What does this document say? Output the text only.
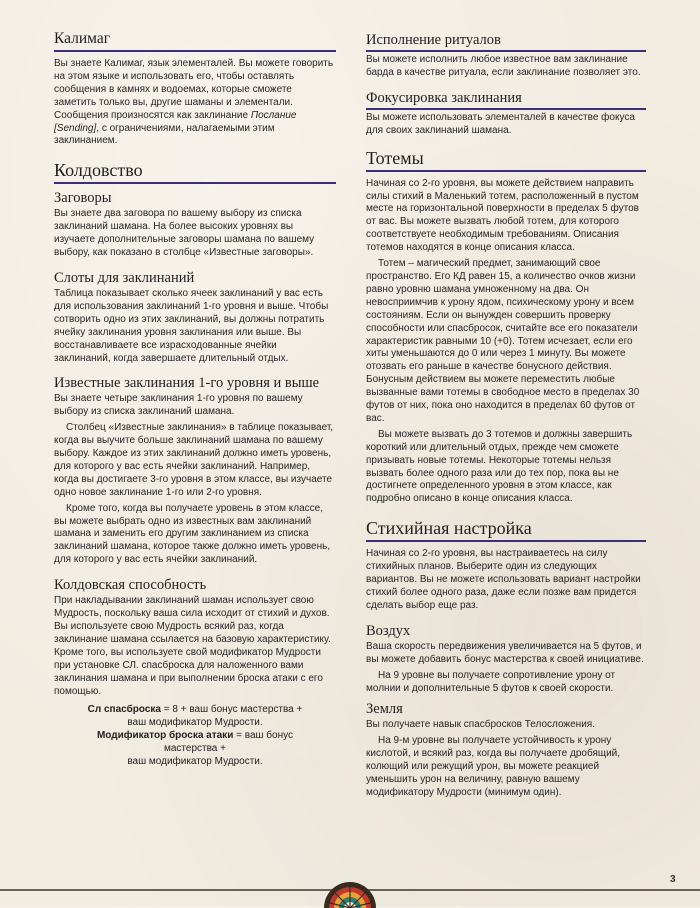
Калимаг

Вы знаете Калимаг, язык элементалей. Вы можете говорить на этом языке и использовать его, чтобы оставлять сообщения в камнях и водоемах, которые сможете заметить только вы, другие шаманы и элементали. Сообщения произносятся как заклинание Послание [Sending], с ограничениями, налагаемыми этим заклинанием.

Колдовство
Заговоры

Вы знаете два заговора по вашему выбору из списка заклинаний шамана. На более высоких уровнях вы изучаете дополнительные заговоры шамана по вашему выбору, как показано в столбце «Известные заговоры».

Слоты для заклинаний

Таблица показывает сколько ячеек заклинаний у вас есть для использования заклинаний 1-го уровня и выше. Чтобы сотворить одно из этих заклинаний, вы должны потратить ячейку заклинания уровня заклинания или выше. Вы восстанавливаете все израсходованные ячейки заклинаний, когда завершаете длительный отдых.

Известные заклинания 1-го уровня и выше

Вы знаете четыре заклинания 1-го уровня по вашему выбору из списка заклинаний шамана.

Столбец «Известные заклинания» в таблице показывает, когда вы выучите больше заклинаний шамана по вашему выбору. Каждое из этих заклинаний должно иметь уровень, для которого у вас есть ячейки заклинаний. Например, когда вы достигаете 3-го уровня в этом классе, вы изучаете одно новое заклинание 1-го или 2-го уровня.

Кроме того, когда вы получаете уровень в этом классе, вы можете выбрать одно из известных вам заклинаний шамана и заменить его другим заклинанием из списка заклинаний шамана, которое также должно иметь уровень, для которого у вас есть ячейки заклинаний.

Колдовская способность

При накладывании заклинаний шаман использует свою Мудрость, поскольку ваша сила исходит от стихий и духов. Вы используете свою Мудрость всякий раз, когда заклинание шамана ссылается на базовую характеристику. Кроме того, вы используете свой модификатор Мудрости при установке СЛ. спасброска для наложенного вами заклинания шамана и при выполнении броска атаки с его помощью.

Сл спасброска = 8 + ваш бонус мастерства +
ваш модификатор Мудрости.
Модификатор броска атаки = ваш бонус
мастерства +
ваш модификатор Мудрости.
Исполнение ритуалов

Вы можете исполнить любое известное вам заклинание барда в качестве ритуала, если заклинание позволяет это.

Фокусировка заклинания

Вы можете использовать элементалей в качестве фокуса для своих заклинаний шамана.

Тотемы

Начиная со 2-го уровня, вы можете действием направить силы стихий в Маленький тотем, расположенный в пустом месте на горизонтальной поверхности в пределах 5 футов от вас. Вы можете вызвать любой тотем, для которого соответствуете необходимым требованиям. Описания тотемов находятся в конце описания класса.

Тотем – магический предмет, занимающий свое пространство. Его КД равен 15, а количество очков жизни равно уровню шамана умноженному на два. Он невосприимчив к урону ядом, психическому урону и всем состояниям. Если он вынужден совершить проверку способности или спасбросок, считайте все его показатели характеристик равными 10 (+0). Тотем исчезает, если его хиты уменьшаются до 0 или через 1 минуту. Вы можете отозвать его раньше в качестве бонусного действия. Бонусным действием вы можете переместить любые вызванные вами тотемы в свободное место в пределах 30 футов от них, пока оно находится в пределах 60 футов от вас.

Вы можете вызвать до 3 тотемов и должны завершить короткий или длительный отдых, прежде чем сможете призывать новые тотемы. Некоторые тотемы нельзя вызвать более одного раза или до тех пор, пока вы не достигнете определенного уровня в этом классе, как подробно описано в конце описания класса.

Стихийная настройка

Начиная со 2-го уровня, вы настраиваетесь на силу стихийных планов. Выберите один из следующих вариантов. Вы не можете использовать вариант настройки стихий более одного раза, даже если позже вам придется сделать выбор еще раз.

Воздух

Ваша скорость передвижения увеличивается на 5 футов, и вы можете добавить бонус мастерства к своей инициативе.

На 9 уровне вы получаете сопротивление урону от молнии и дополнительные 5 футов к своей скорости.

Земля

Вы получаете навык спасбросков Телосложения.

На 9-м уровне вы получаете устойчивость к урону кислотой, и всякий раз, когда вы получаете дробящий, колющий или режущий урон, вы можете реакцией уменьшить урон на величину, равную вашему модификатору Мудрости (минимум один).

3
